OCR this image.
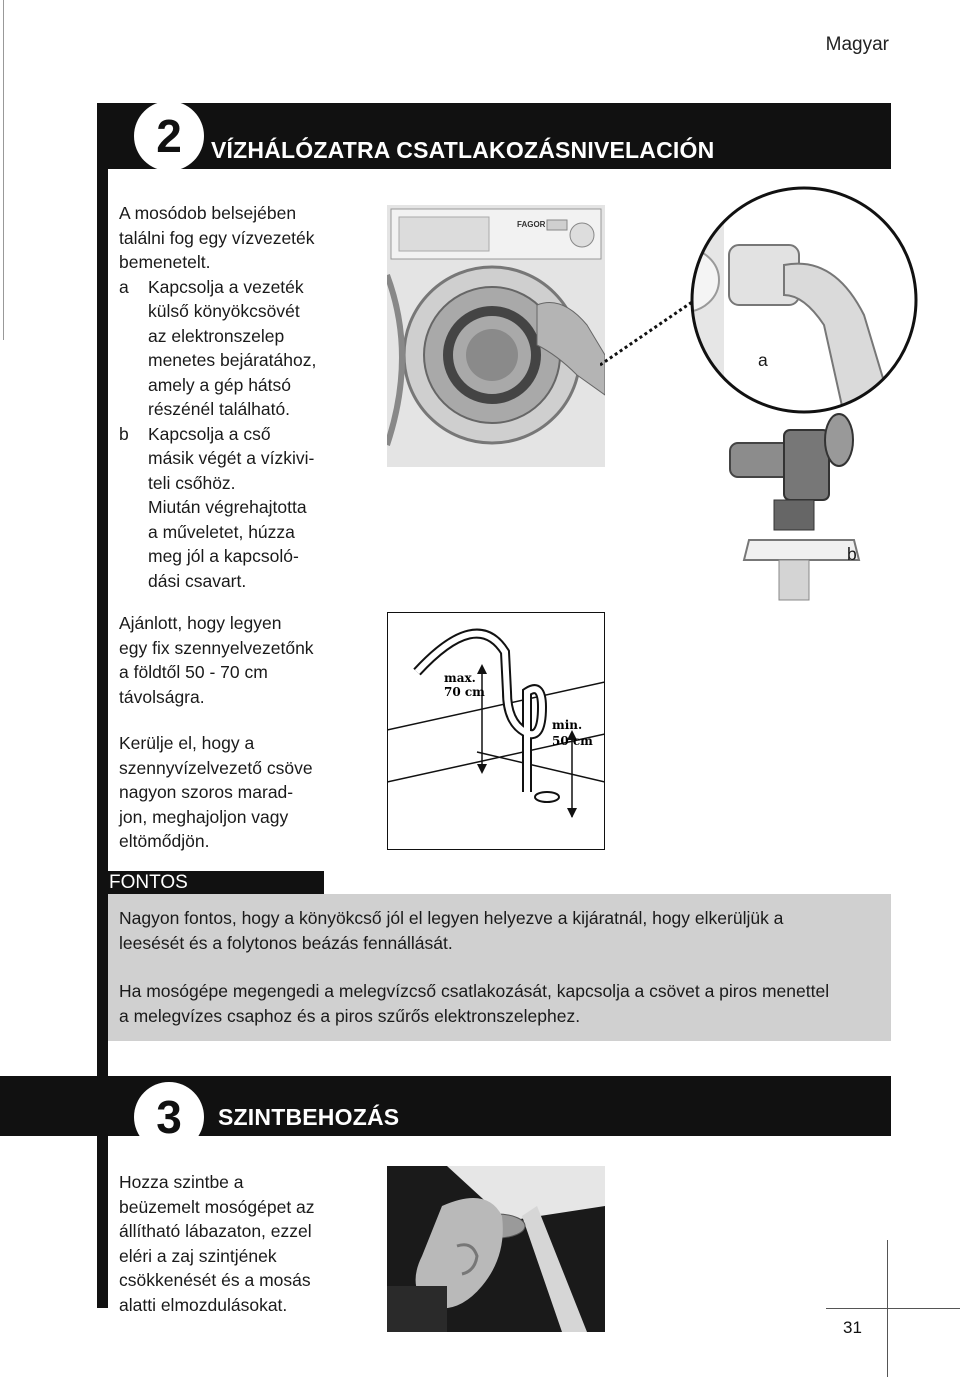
Magyar
2	VÍZHÁLÓZATRA CSATLAKOZÁSNIVELACIÓN

A mosódob belsejében

találni fog egy vízvezeték

bemenetelt.

a Kapcsolja a vezeték

külső könyökcsövét

az elektronszelep

menetes bejáratához,

amely a gép hátsó

részénél található.

b Kapcsolja a cső

másik végét a vízkivi-

teli csőhöz.

Miután végrehajtotta

a műveletet, húzza

meg jól a kapcsoló-

dási csavart.

Ajánlott, hogy legyen

egy fix szennyelvezetőnk

a földtől 50 - 70 cm

távolságra.

Kerülje el, hogy a

szennyvízelvezető csöve

nagyon szoros marad-

jon, meghajoljon vagy

eltömődjön.

FAGOR
a
b
max.
70 cm
min.
50 cm
FONTOS

Nagyon fontos, hogy a könyökcső jól el legyen helyezve a kijáratnál, hogy elkerüljük a

leesését és a folytonos beázás fennállását.

Ha mosógépe megengedi a melegvízcső csatlakozását, kapcsolja a csövet a piros menettel

a melegvízes csaphoz és a piros szűrős elektronszelephez.

3	SZINTBEHOZÁS

Hozza szintbe a

beüzemelt mosógépet az

állítható lábazaton, ezzel

eléri a zaj szintjének

csökkenését és a mosás

alatti elmozdulásokat.

31
